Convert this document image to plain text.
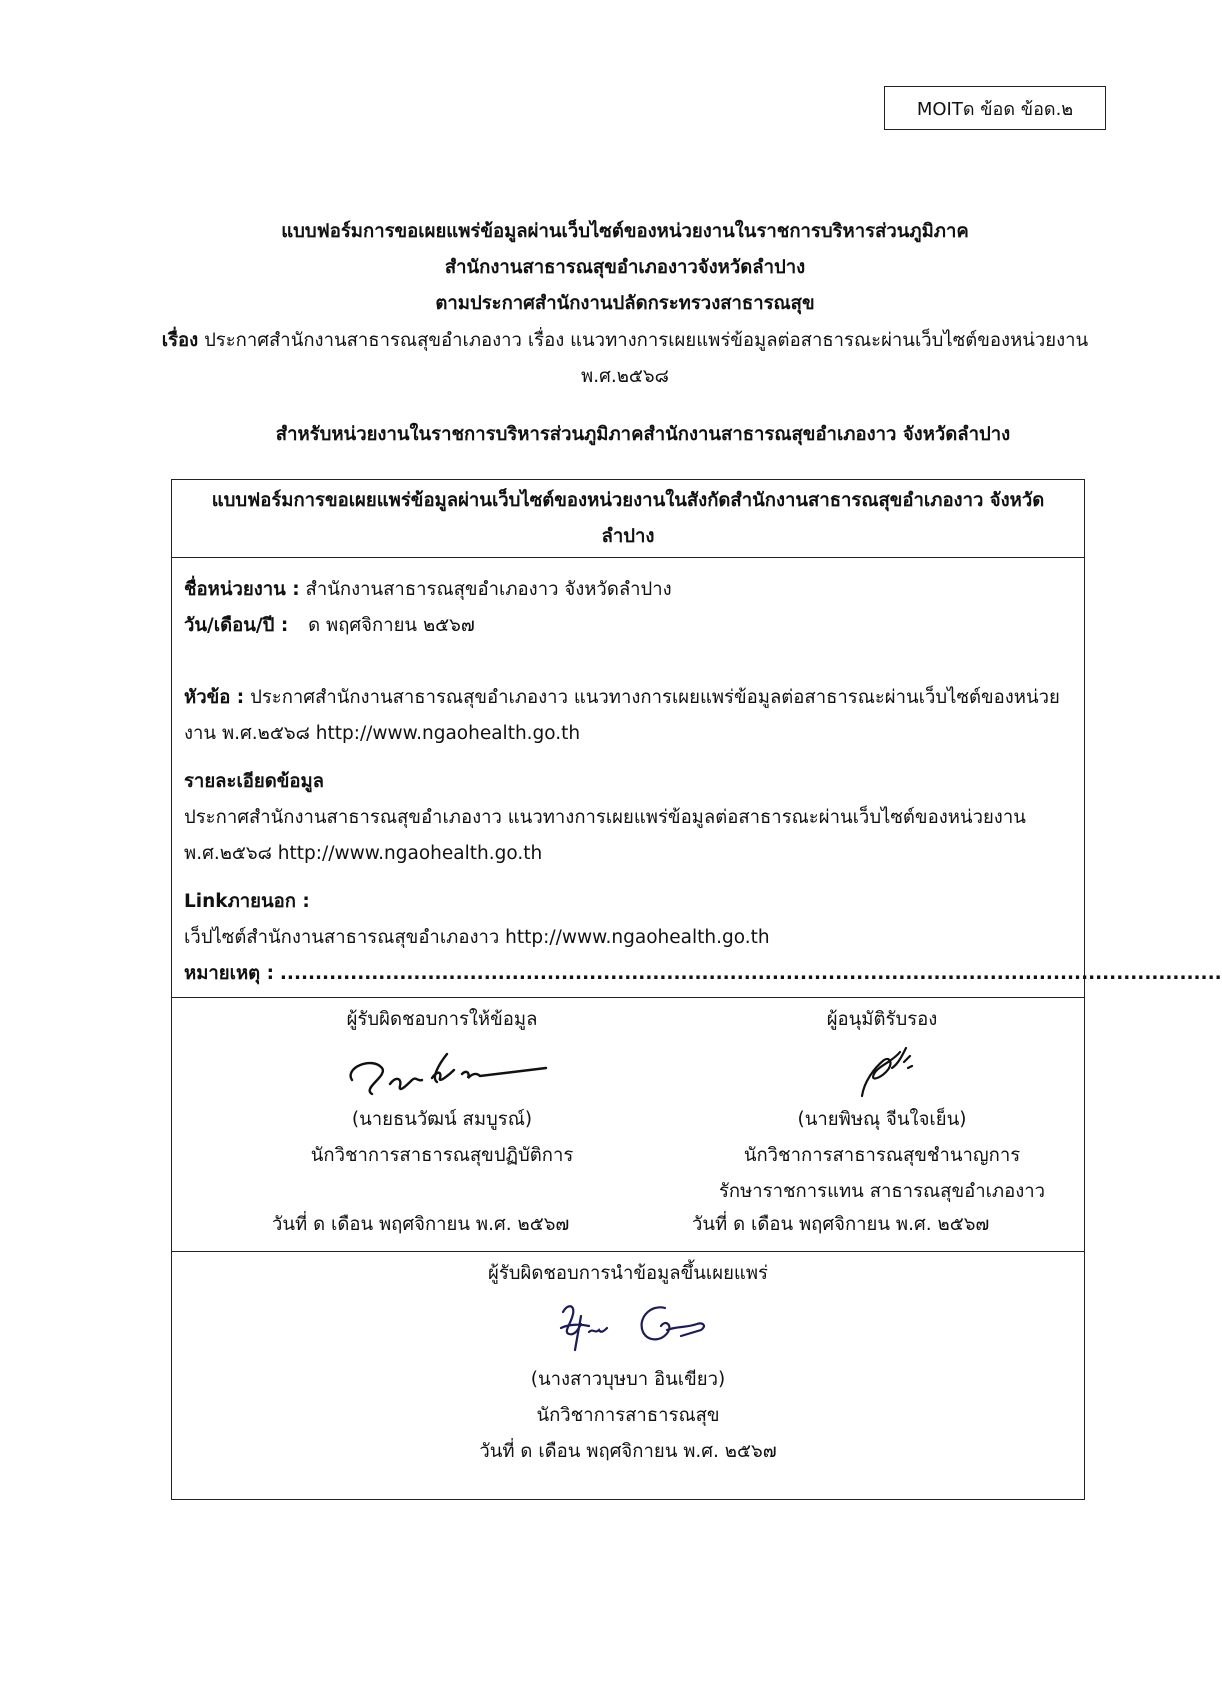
MOITด ข้อด ข้อด.๒
แบบฟอร์มการขอเผยแพร่ข้อมูลผ่านเว็บไซต์ของหน่วยงานในราชการบริหารส่วนภูมิภาค
สำนักงานสาธารณสุขอำเภองาวจังหวัดลำปาง
ตามประกาศสำนักงานปลัดกระทรวงสาธารณสุข
เรื่อง ประกาศสำนักงานสาธารณสุขอำเภองาว เรื่อง แนวทางการเผยแพร่ข้อมูลต่อสาธารณะผ่านเว็บไซต์ของหน่วยงาน พ.ศ.๒๕๖๘
สำหรับหน่วยงานในราชการบริหารส่วนภูมิภาคสำนักงานสาธารณสุขอำเภองาว จังหวัดลำปาง
แบบฟอร์มการขอเผยแพร่ข้อมูลผ่านเว็บไซต์ของหน่วยงานในสังกัดสำนักงานสาธารณสุขอำเภองาว จังหวัดลำปาง
ชื่อหน่วยงาน : สำนักงานสาธารณสุขอำเภองาว จังหวัดลำปาง
วัน/เดือน/ปี : ด พฤศจิกายน ๒๕๖๗
หัวข้อ : ประกาศสำนักงานสาธารณสุขอำเภองาว แนวทางการเผยแพร่ข้อมูลต่อสาธารณะผ่านเว็บไซต์ของหน่วยงาน พ.ศ.๒๕๖๘ http://www.ngaohealth.go.th
รายละเอียดข้อมูล
ประกาศสำนักงานสาธารณสุขอำเภองาว แนวทางการเผยแพร่ข้อมูลต่อสาธารณะผ่านเว็บไซต์ของหน่วยงาน พ.ศ.๒๕๖๘ http://www.ngaohealth.go.th
Linkภายนอก :
เว็ปไซต์สำนักงานสาธารณสุขอำเภองาว http://www.ngaohealth.go.th
หมายเหตุ : ......................................................................................................................................
ผู้รับผิดชอบการให้ข้อมูล
(นายธนวัฒน์ สมบูรณ์)
นักวิชาการสาธารณสุขปฏิบัติการ
ผู้อนุมัติรับรอง
(นายพิษณุ จีนใจเย็น)
นักวิชาการสาธารณสุขชำนาญการ
รักษาราชการแทน สาธารณสุขอำเภองาว
วันที่ ด เดือน พฤศจิกายน พ.ศ. ๒๕๖๗	วันที่ ด เดือน พฤศจิกายน พ.ศ. ๒๕๖๗
ผู้รับผิดชอบการนำข้อมูลขึ้นเผยแพร่
(นางสาวบุษบา อินเขียว)
นักวิชาการสาธารณสุข
วันที่ ด เดือน พฤศจิกายน พ.ศ. ๒๕๖๗
